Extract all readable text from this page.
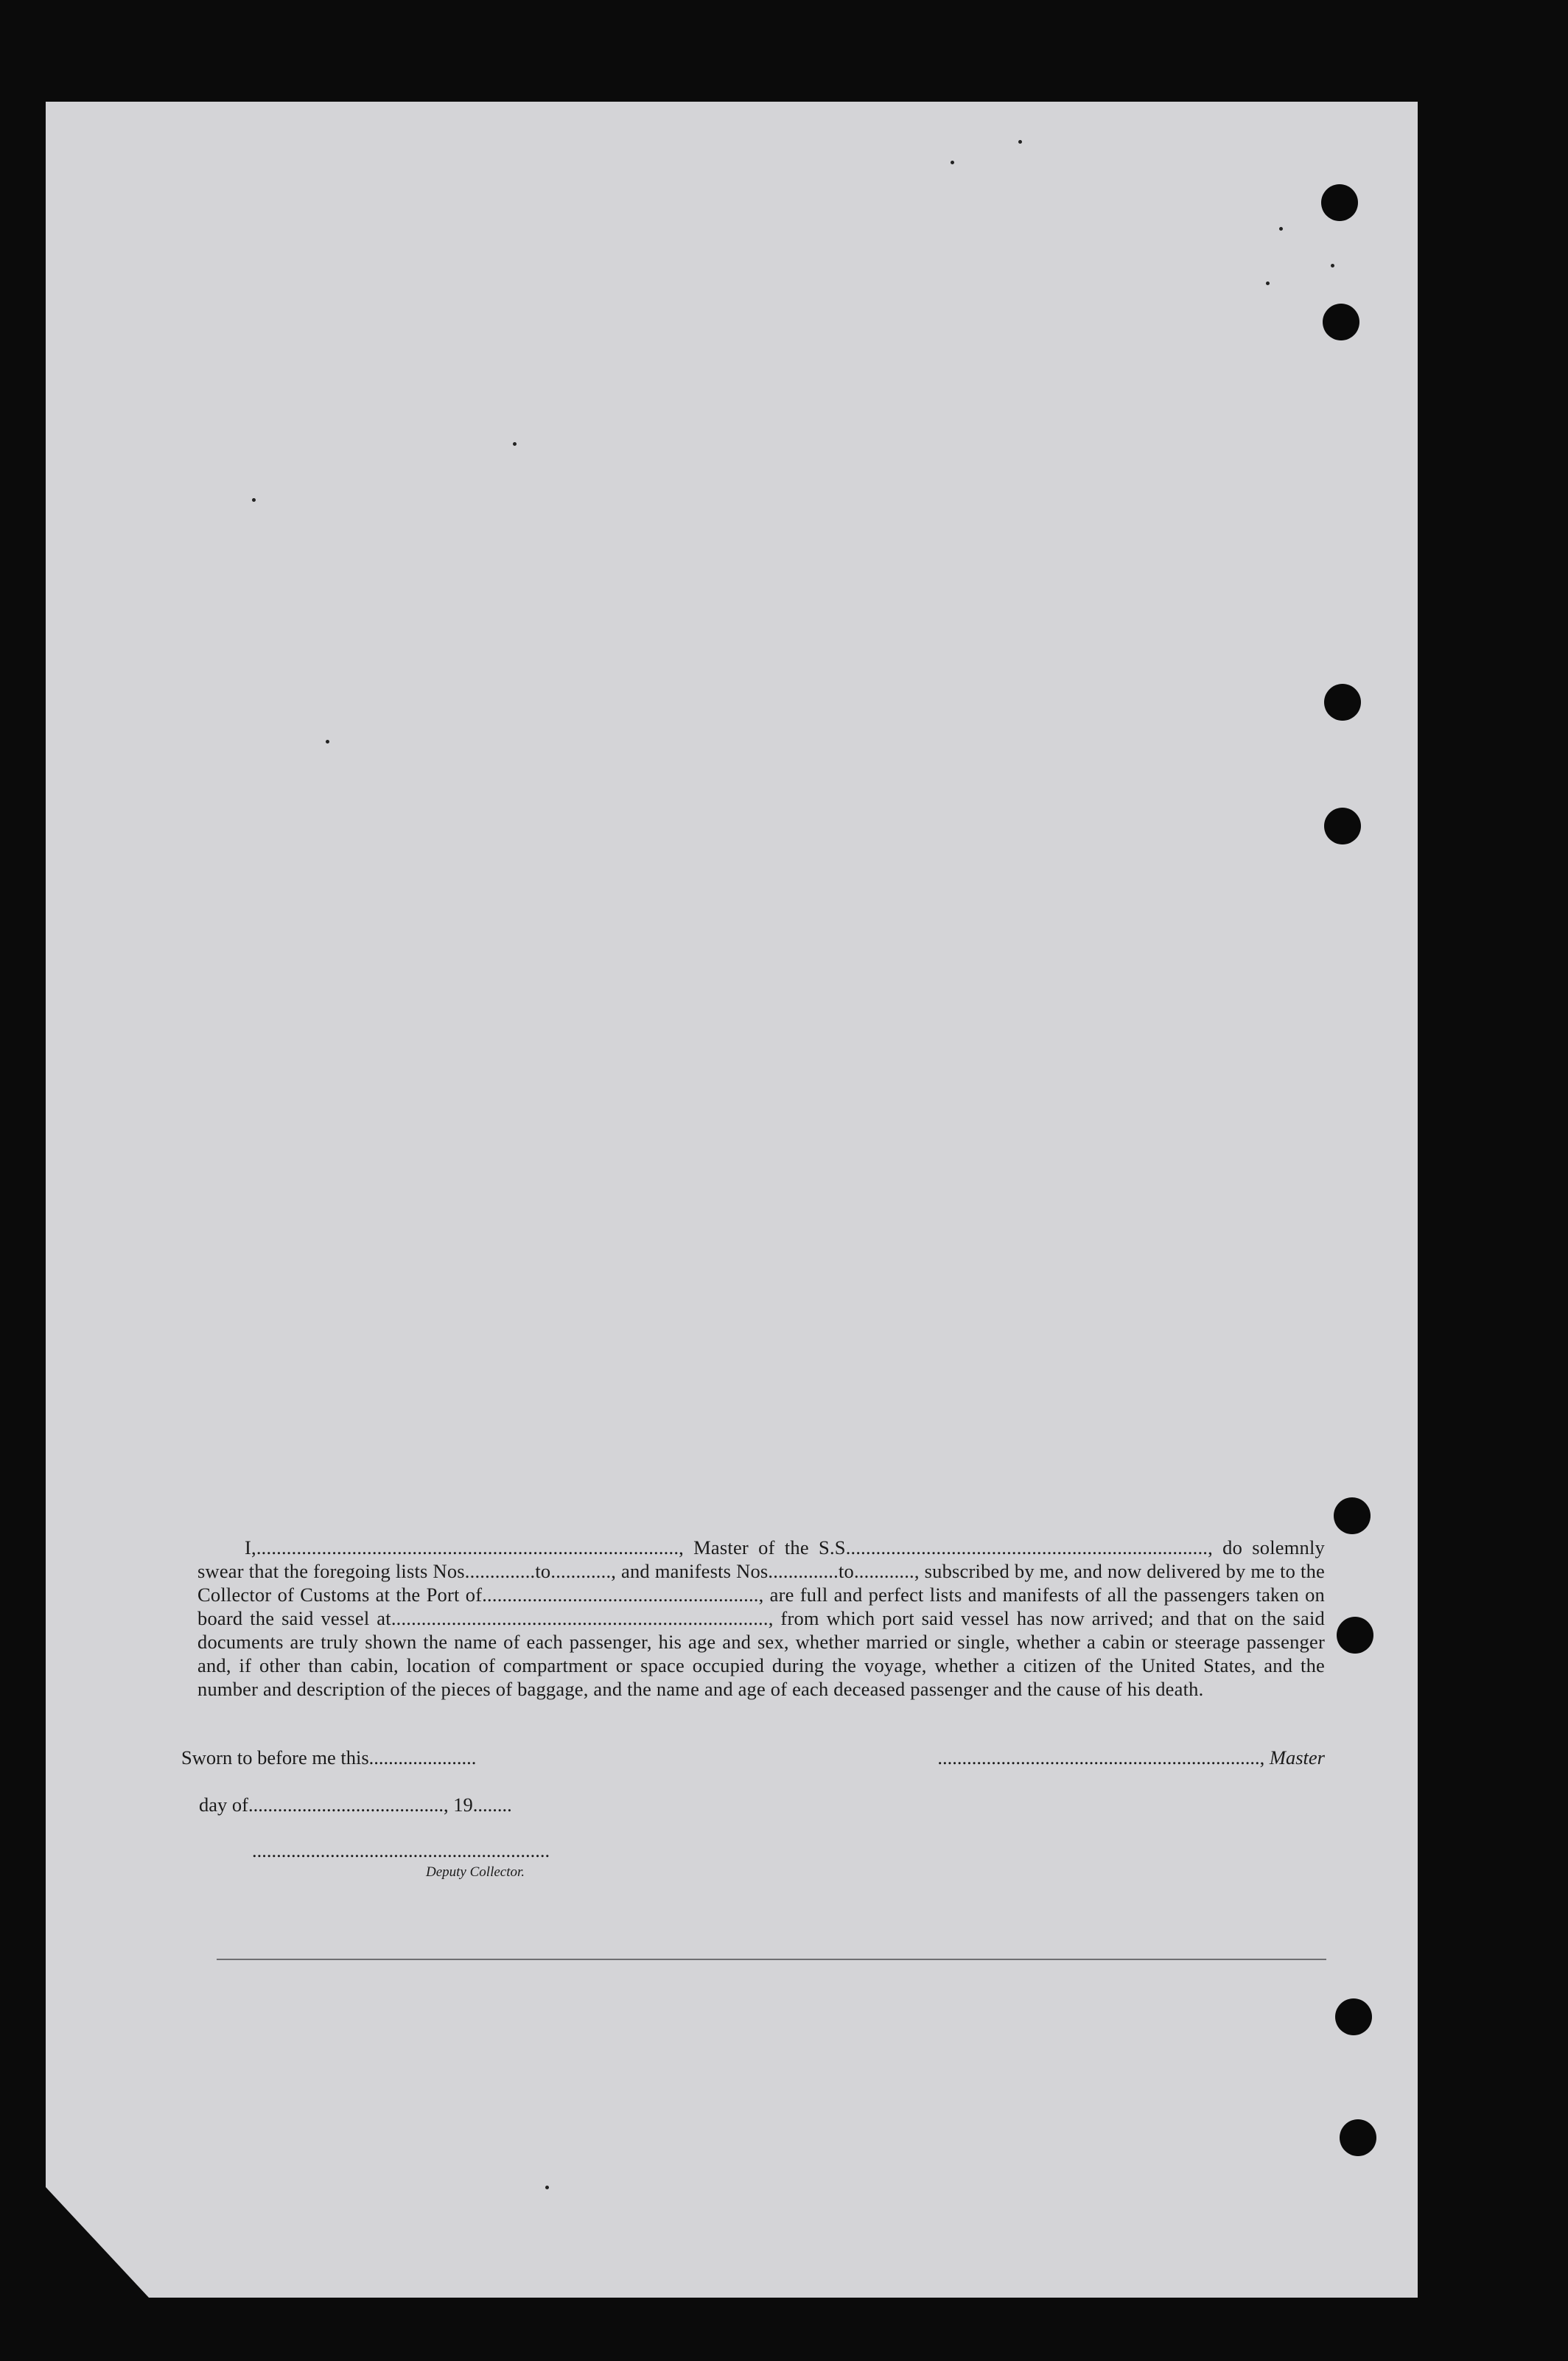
I,...................................................................................., Master of the S.S........................................................................, do solemnly swear that the foregoing lists Nos..............to............, and manifests Nos..............to............, subscribed by me, and now delivered by me to the Collector of Customs at the Port of......................................................., are full and perfect lists and manifests of all the passengers taken on board the said vessel at..........................................................................., from which port said vessel has now arrived; and that on the said documents are truly shown the name of each passenger, his age and sex, whether married or single, whether a cabin or steerage passenger and, if other than cabin, location of compartment or space occupied during the voyage, whether a citizen of the United States, and the number and description of the pieces of baggage, and the name and age of each deceased passenger and the cause of his death.

Sworn to before me this......................	.................................................................., Master
day of........................................, 19........
.............................................................
Deputy Collector.
